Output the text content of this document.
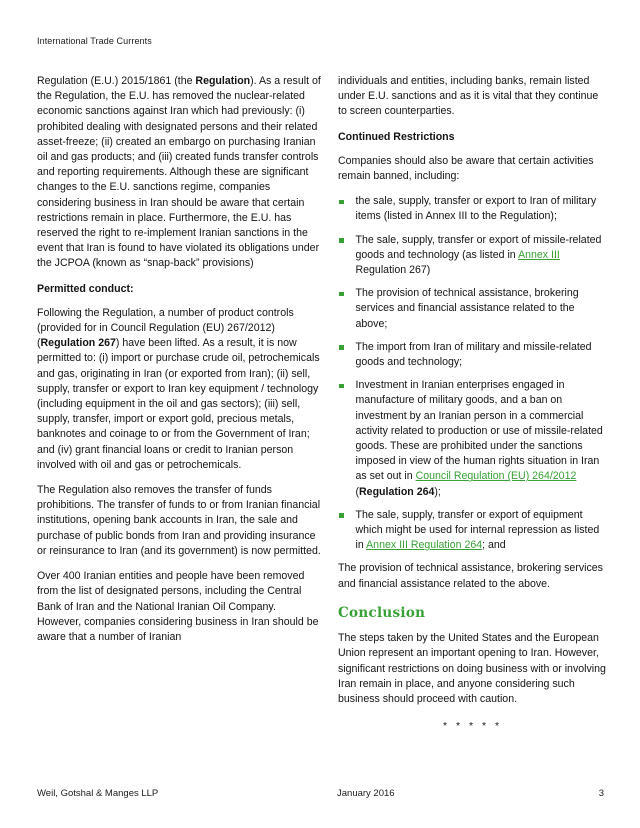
International Trade Currents

Regulation (E.U.) 2015/1861 (the Regulation). As a result of the Regulation, the E.U. has removed the nuclear-related economic sanctions against Iran which had previously: (i) prohibited dealing with designated persons and their related asset-freeze; (ii) created an embargo on purchasing Iranian oil and gas products; and (iii) created funds transfer controls and reporting requirements. Although these are significant changes to the E.U. sanctions regime, companies considering business in Iran should be aware that certain restrictions remain in place. Furthermore, the E.U. has reserved the right to re-implement Iranian sanctions in the event that Iran is found to have violated its obligations under the JCPOA (known as “snap-back” provisions)

Permitted conduct:

Following the Regulation, a number of product controls (provided for in Council Regulation (EU) 267/2012) (Regulation 267) have been lifted. As a result, it is now permitted to: (i) import or purchase crude oil, petrochemicals and gas, originating in Iran (or exported from Iran); (ii) sell, supply, transfer or export to Iran key equipment / technology (including equipment in the oil and gas sectors); (iii) sell, supply, transfer, import or export gold, precious metals, banknotes and coinage to or from the Government of Iran; and (iv) grant financial loans or credit to Iranian person involved with oil and gas or petrochemicals.

The Regulation also removes the transfer of funds prohibitions. The transfer of funds to or from Iranian financial institutions, opening bank accounts in Iran, the sale and purchase of public bonds from Iran and providing insurance or reinsurance to Iran (and its government) is now permitted.

Over 400 Iranian entities and people have been removed from the list of designated persons, including the Central Bank of Iran and the National Iranian Oil Company. However, companies considering business in Iran should be aware that a number of Iranian

individuals and entities, including banks, remain listed under E.U. sanctions and as it is vital that they continue to screen counterparties.

Continued Restrictions

Companies should also be aware that certain activities remain banned, including:

the sale, supply, transfer or export to Iran of military items (listed in Annex III to the Regulation);
The sale, supply, transfer or export of missile-related goods and technology (as listed in Annex III Regulation 267)
The provision of technical assistance, brokering services and financial assistance related to the above;
The import from Iran of military and missile-related goods and technology;
Investment in Iranian enterprises engaged in manufacture of military goods, and a ban on investment by an Iranian person in a commercial activity related to production or use of missile-related goods. These are prohibited under the sanctions imposed in view of the human rights situation in Iran as set out in Council Regulation (EU) 264/2012 (Regulation 264);
The sale, supply, transfer or export of equipment which might be used for internal repression as listed in Annex III Regulation 264; and

The provision of technical assistance, brokering services and financial assistance related to the above.

Conclusion

The steps taken by the United States and the European Union represent an important opening to Iran. However, significant restrictions on doing business with or involving Iran remain in place, and anyone considering such business should proceed with caution.

* * * * *
Weil, Gotshal & Manges LLP	January 2016	3
